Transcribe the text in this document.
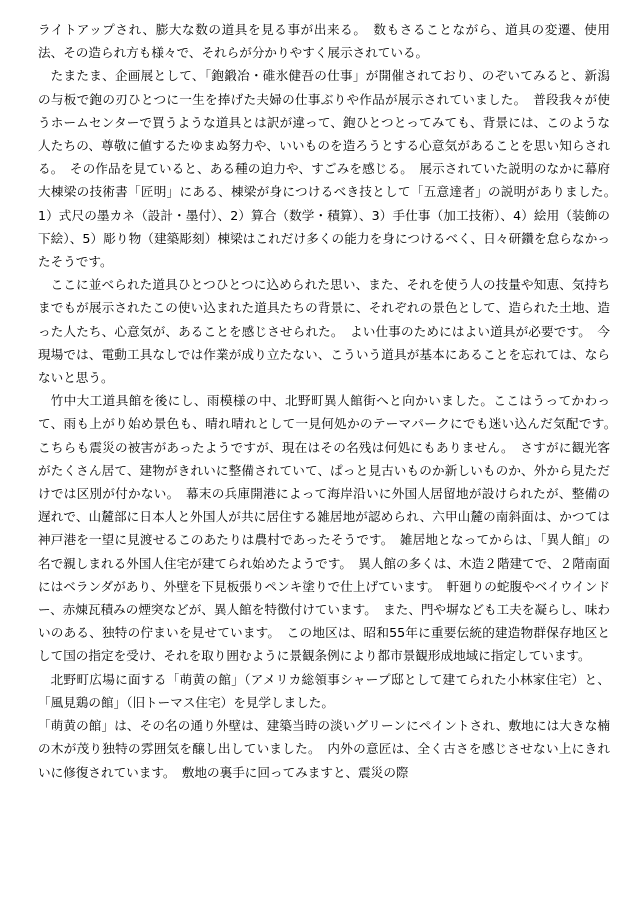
ライトアップされ、膨大な数の道具を見る事が出来る。　数もさることながら、道具の変遷、使用法、その造られ方も様々で、それらが分かりやすく展示されている。

たまたま、企画展として、「鉋鍛冶・碓氷健吾の仕事」が開催されており、のぞいてみると、新潟の与板で鉋の刃ひとつに一生を捧げた夫婦の仕事ぶりや作品が展示されていました。　普段我々が使うホームセンターで買うような道具とは訳が違って、鉋ひとつとってみても、背景には、このような人たちの、尊敬に値するたゆまぬ努力や、いいものを造ろうとする心意気があることを思い知らされる。　その作品を見ていると、ある種の迫力や、すごみを感じる。　展示されていた説明のなかに幕府大棟梁の技術書「匠明」にある、棟梁が身につけるべき技として「五意達者」の説明がありました。　1）式尺の墨カネ（設計・墨付）、2）算合（数学・積算）、3）手仕事（加工技術）、4）絵用（装飾の下絵）、5）彫り物（建築彫刻）棟梁はこれだけ多くの能力を身につけるべく、日々研鑽を怠らなかったそうです。

ここに並べられた道具ひとつひとつに込められた思い、また、それを使う人の技量や知恵、気持ちまでもが展示されたこの使い込まれた道具たちの背景に、それぞれの景色として、造られた土地、造った人たち、心意気が、あることを感じさせられた。　よい仕事のためにはよい道具が必要です。　今現場では、電動工具なしでは作業が成り立たない、こういう道具が基本にあることを忘れては、ならないと思う。

竹中大工道具館を後にし、雨模様の中、北野町異人館街へと向かいました。ここはうってかわって、雨も上がり始め景色も、晴れ晴れとして一見何処かのテーマパークにでも迷い込んだ気配です。　こちらも震災の被害があったようですが、現在はその名残は何処にもありません。　さすがに観光客がたくさん居て、建物がきれいに整備されていて、ぱっと見古いものか新しいものか、外から見ただけでは区別が付かない。　幕末の兵庫開港によって海岸沿いに外国人居留地が設けられたが、整備の遅れで、山麓部に日本人と外国人が共に居住する雑居地が認められ、六甲山麓の南斜面は、かつては神戸港を一望に見渡せるこのあたりは農村であったそうです。　雑居地となってからは、「異人館」の名で親しまれる外国人住宅が建てられ始めたようです。　異人館の多くは、木造２階建てで、２階南面にはベランダがあり、外壁を下見板張りペンキ塗りで仕上げています。　軒廻りの蛇腹やベイウインドー、赤煉瓦積みの煙突などが、異人館を特徴付けています。　また、門や塀なども工夫を凝らし、味わいのある、独特の佇まいを見せています。　この地区は、昭和55年に重要伝統的建造物群保存地区として国の指定を受け、それを取り囲むように景観条例により都市景観形成地域に指定しています。

北野町広場に面する「萌黄の館」（アメリカ総領事シャープ邸として建てられた小林家住宅）と、「風見鶏の館」（旧トーマス住宅）を見学しました。

「萌黄の館」は、その名の通り外壁は、建築当時の淡いグリーンにペイントされ、敷地には大きな楠の木が茂り独特の雰囲気を醸し出していました。　内外の意匠は、全く古さを感じさせない上にきれいに修復されています。　敷地の裏手に回ってみますと、震災の際
